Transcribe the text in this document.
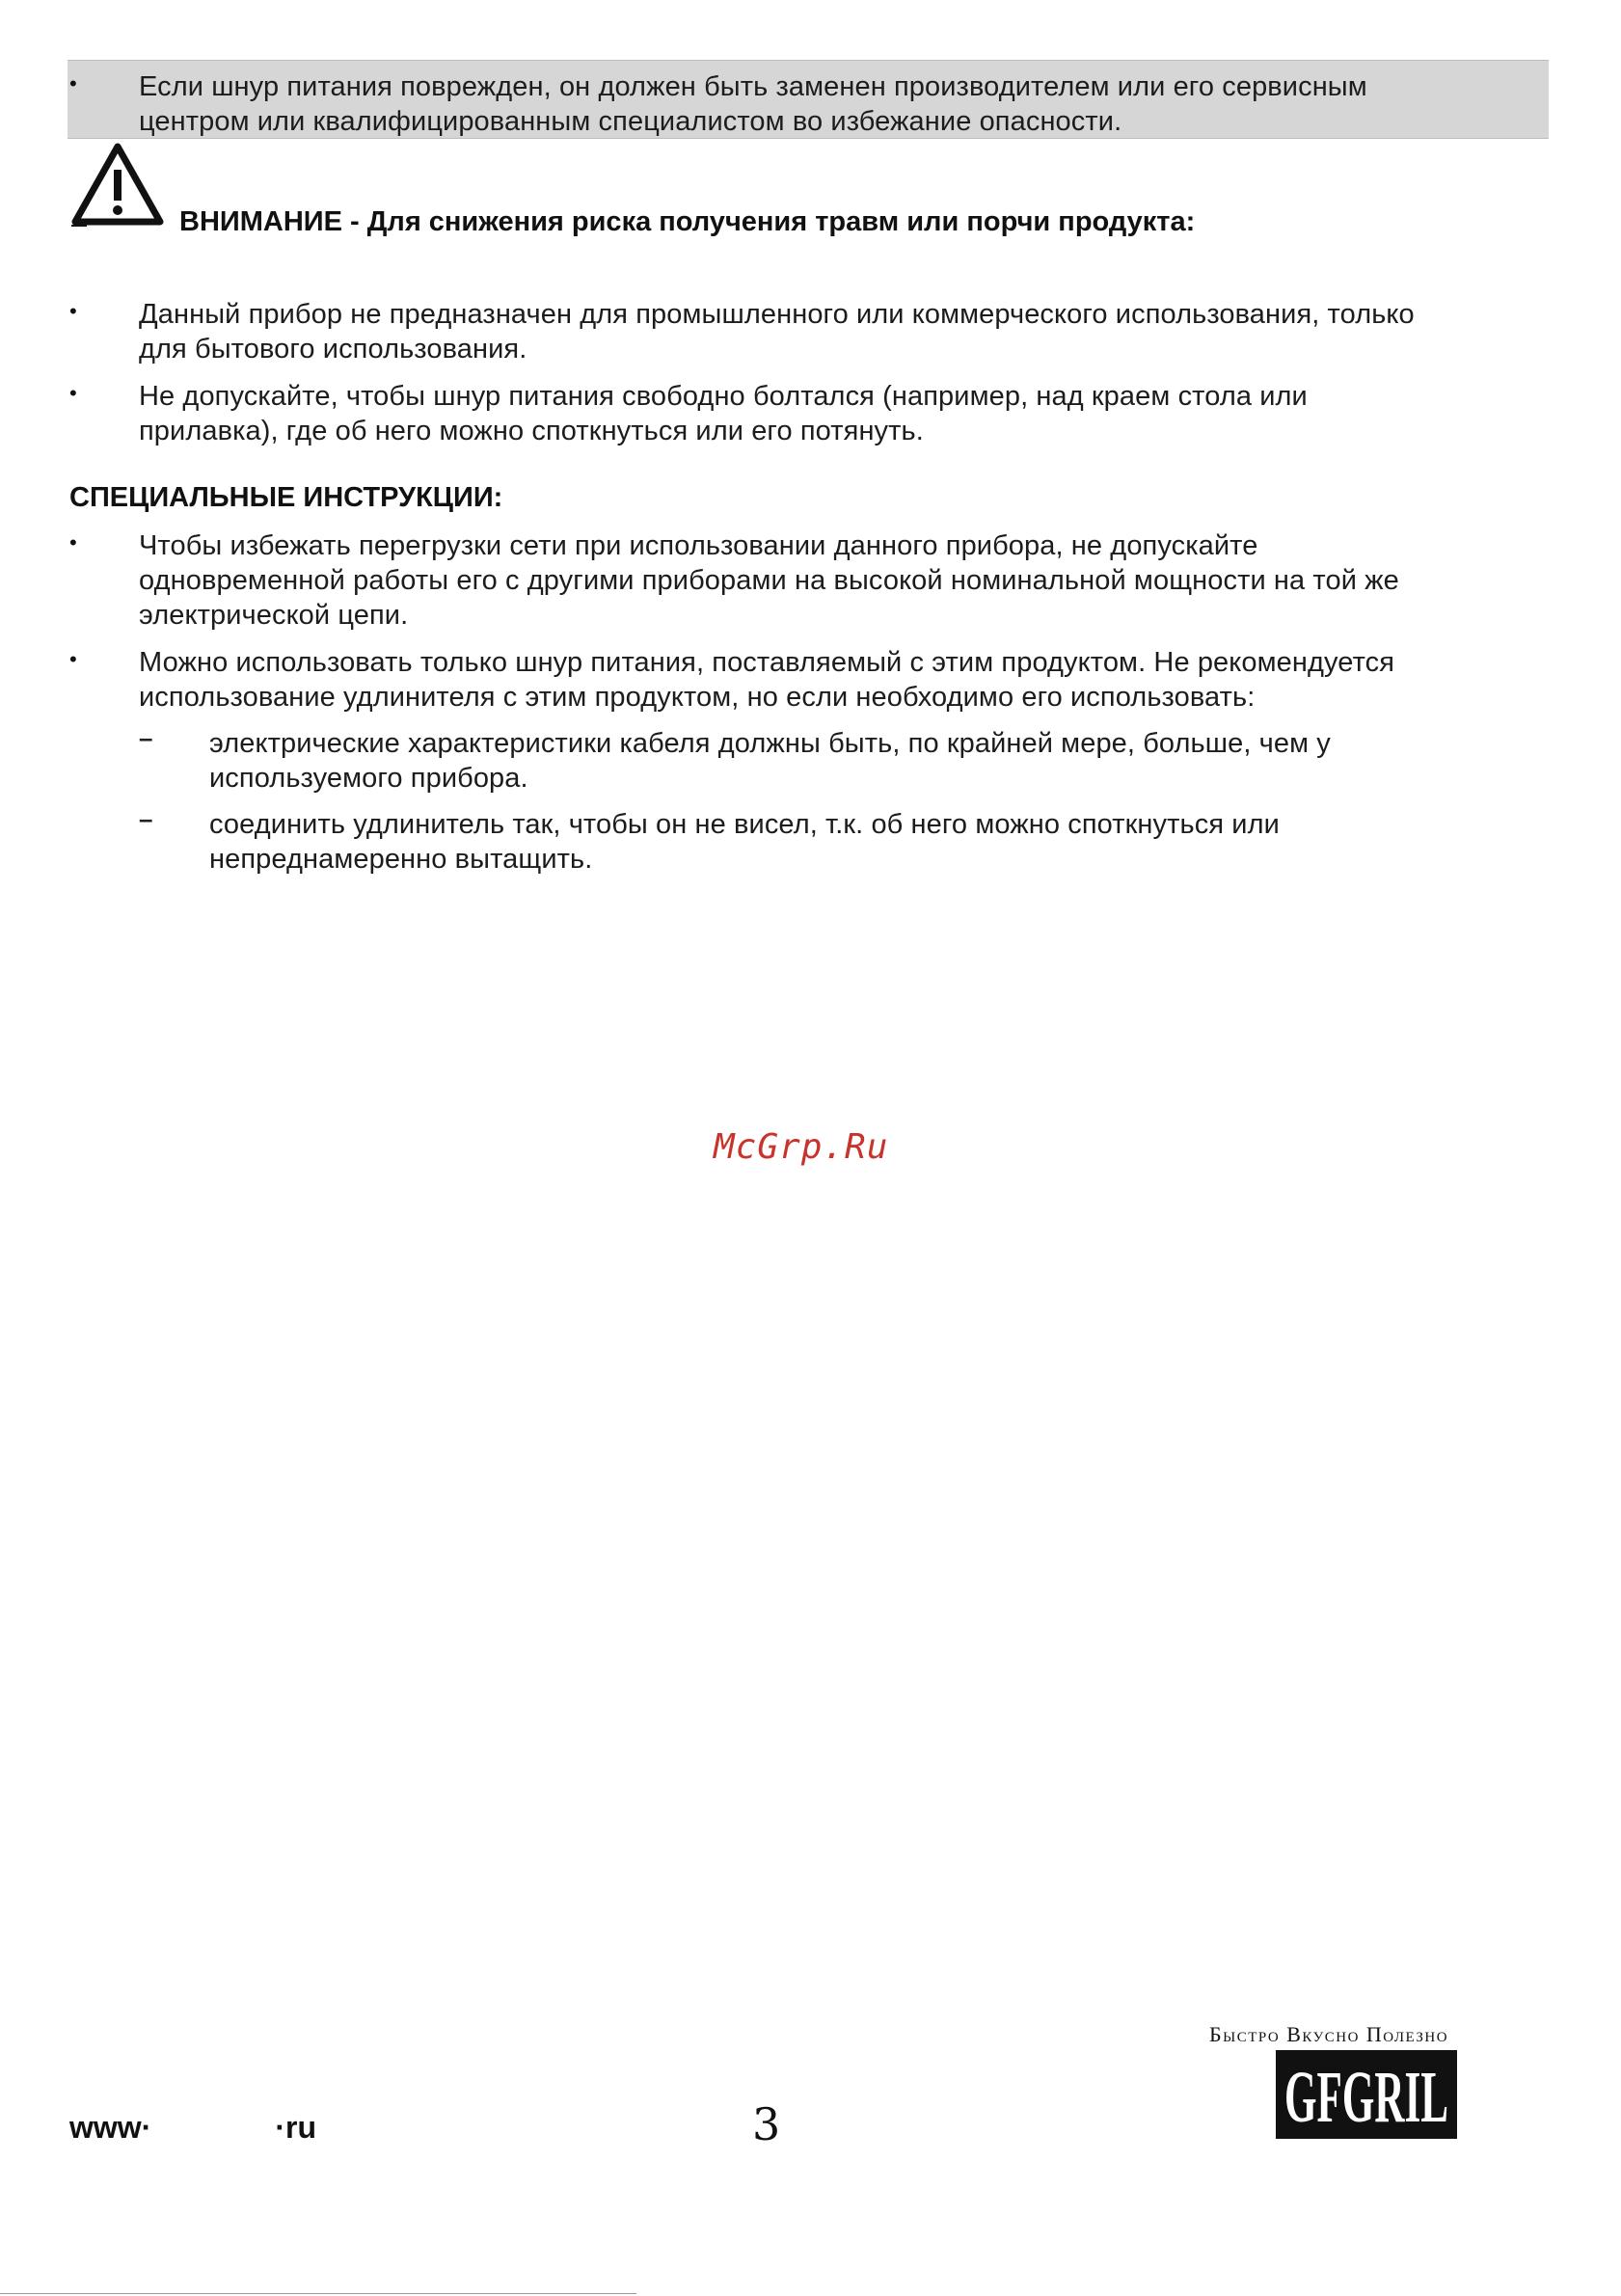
• Если шнур питания поврежден, он должен быть заменен производителем или его сервисным
центром или квалифицированным специалистом во избежание опасности.
ВНИМАНИЕ - Для снижения риска получения травм или порчи продукта:
• Данный прибор не предназначен для промышленного или коммерческого использования, только
для бытового использования.
• Не допускайте, чтобы шнур питания свободно болтался (например, над краем стола или
прилавка), где об него можно споткнуться или его потянуть.
СПЕЦИАЛЬНЫЕ ИНСТРУКЦИИ:
• Чтобы избежать перегрузки сети при использовании данного прибора, не допускайте
одновременной работы его с другими приборами на высокой номинальной мощности на той же
электрической цепи.
• Можно использовать только шнур питания, поставляемый с этим продуктом. Не рекомендуется
использование удлинителя с этим продуктом, но если необходимо его использовать:
– электрические характеристики кабеля должны быть, по крайней мере, больше, чем у
используемого прибора.
– соединить удлинитель так, чтобы он не висел, т.к. об него можно споткнуться или
непреднамеренно вытащить.
McGrp.Ru
www·	·ru	3
Быстро Вкусно Полезно
GFGRIL
